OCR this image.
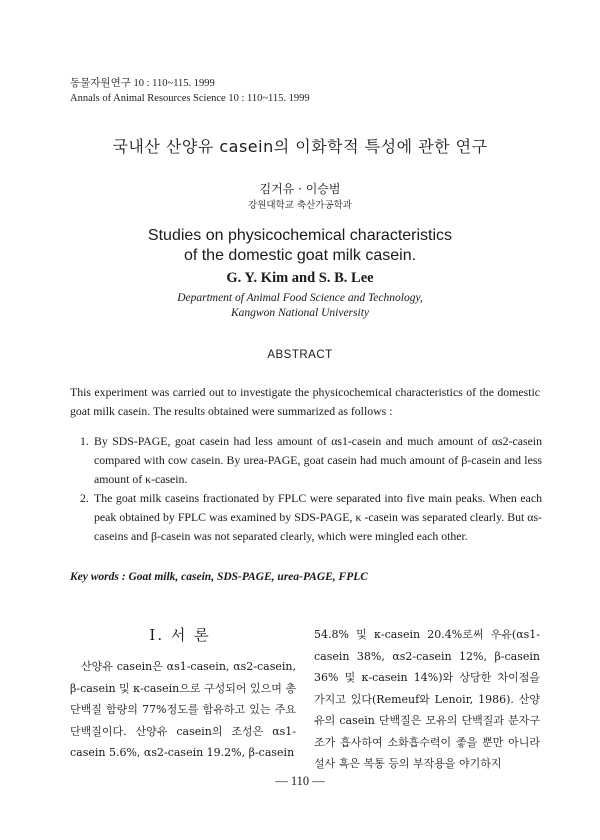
동물자원연구 10 : 110~115. 1999
Annals of Animal Resources Science 10 : 110~115. 1999
국내산 산양유 casein의 이화학적 특성에 관한 연구
김거유 · 이승범
강원대학교 축산가공학과
Studies on physicochemical characteristics
of the domestic goat milk casein.
G. Y. Kim and S. B. Lee
Department of Animal Food Science and Technology,
Kangwon National University
ABSTRACT
This experiment was carried out to investigate the physicochemical characteristics of the domestic goat milk casein. The results obtained were summarized as follows :
1. By SDS-PAGE, goat casein had less amount of αs1-casein and much amount of αs2-casein compared with cow casein. By urea-PAGE, goat casein had much amount of β-casein and less amount of κ-casein.
2. The goat milk caseins fractionated by FPLC were separated into five main peaks. When each peak obtained by FPLC was examined by SDS-PAGE, κ -casein was separated clearly. But αs-caseins and β-casein was not separated clearly, which were mingled each other.
Key words : Goat milk, casein, SDS-PAGE, urea-PAGE, FPLC
Ⅰ. 서 론

산양유 casein은 αs1-casein, αs2-casein, β-casein 및 κ-casein으로 구성되어 있으며 총 단백질 함량의 77%정도를 함유하고 있는 주요 단백질이다. 산양유 casein의 조성은 αs1-casein 5.6%, αs2-casein 19.2%, β-casein

54.8% 및 κ-casein 20.4%로써 우유(αs1-casein 38%, αs2-casein 12%, β-casein 36% 및 κ-casein 14%)와 상당한 차이점을 가지고 있다(Remeuf와 Lenoir, 1986). 산양유의 casein 단백질은 모유의 단백질과 분자구조가 흡사하여 소화흡수력이 좋을 뿐만 아니라 설사 혹은 복통 등의 부작용을 야기하지

— 110 —
